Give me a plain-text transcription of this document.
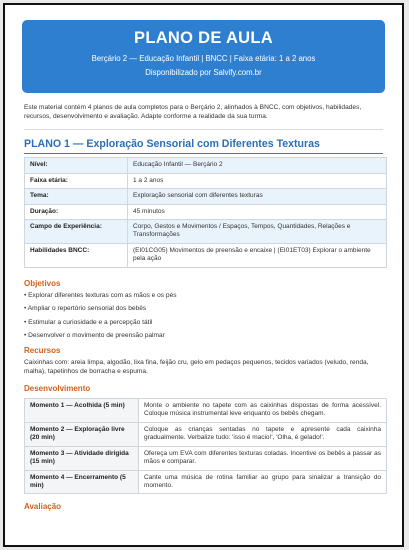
PLANO DE AULA
Berçário 2 — Educação Infantil | BNCC | Faixa etária: 1 a 2 anos
Disponibilizado por Salvify.com.br
Este material contém 4 planos de aula completos para o Berçário 2, alinhados à BNCC, com objetivos, habilidades, recursos, desenvolvimento e avaliação. Adapte conforme a realidade da sua turma.
PLANO 1 — Exploração Sensorial com Diferentes Texturas
Nível:	Educação Infantil — Berçário 2
Faixa etária:	1 a 2 anos
Tema:	Exploração sensorial com diferentes texturas
Duração:	45 minutos
Campo de Experiência:	Corpo, Gestos e Movimentos / Espaços, Tempos, Quantidades, Relações e Transformações
Habilidades BNCC:	(EI01CG05) Movimentos de preensão e encaixe | (EI01ET03) Explorar o ambiente pela ação
Objetivos
• Explorar diferentes texturas com as mãos e os pés
• Ampliar o repertório sensorial dos bebês
• Estimular a curiosidade e a percepção tátil
• Desenvolver o movimento de preensão palmar
Recursos
Caixinhas com: areia limpa, algodão, lixa fina, feijão cru, gelo em pedaços pequenos, tecidos variados (veludo, renda, malha), tapetinhos de borracha e espuma.
Desenvolvimento
Momento 1 — Acolhida (5 min)	Monte o ambiente no tapete com as caixinhas dispostas de forma acessível. Coloque música instrumental leve enquanto os bebês chegam.
Momento 2 — Exploração livre (20 min)	Coloque as crianças sentadas no tapete e apresente cada caixinha gradualmente. Verbalize tudo: 'isso é macio!', 'Olha, é gelado!'.
Momento 3 — Atividade dirigida (15 min)	Ofereça um EVA com diferentes texturas coladas. Incentive os bebês a passar as mãos e comparar.
Momento 4 — Encerramento (5 min)	Cante uma música de rotina familiar ao grupo para sinalizar a transição do momento.
Avaliação
